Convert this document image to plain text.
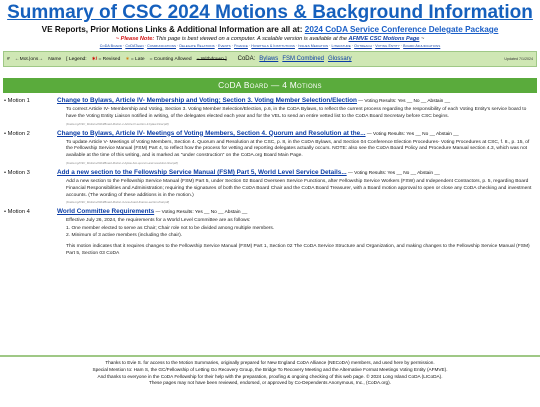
Summary of CSC 2024 Motions & Background Information
VE Reports, Prior Motions Links & Additional Information are all at: 2024 CoDA Service Conference Delegate Package
~ Please Note: This page is best viewed on a computer. A scalable version is available at the AFMVE CSC Motions Page ~
CoDA Board · CoDATeen · Communications · Delegate Relations · Events · Finance · Hospitals & Institutions · Issues Mediation · Literature · Outreach · Voting Entity · Board Adjudications
# ←Mot.|ons→ Name [ Legend: ∗/
= Revised ∗
= Late = Counting Allowed = Withdrawn ] CoDA: Bylaws FSM Combined Glossary	Updated 7/1/2024
CoDA Board — 4 Motions
• Motion 1	Change to Bylaws, Article IV- Membership and Voting; Section 3. Voting Member Selection/Election — Voting Results: Yes __ No __ Abstain __
To correct Article IV- Membership and Voting, Section 3. Voting Member Selection/Election, p.6, in the CoDA Bylaws, to reflect the current process regarding the responsibility of each Voting Entity's service board to have the Voting Entity Liaison notified in writing, of the delegates elected each year and for the VEL to send an entire vetted list to the CoDA Board Secretary before CSC begins.
(fcoda.org/CSC_Motions/2024/Board-Motion-1-Article-IV-section-3-bylaw-Final.pdf)
• Motion 2	Change to Bylaws, Article IV- Meetings of Voting Members, Section 4. Quorum and Resolution at the... — Voting Results: Yes __ No __ Abstain __
To update Article V- Meetings of Voting Members, Section 4. Quorum and Resolution at the CSC, p. 8, in the CoDA Bylaws, and Section 04 Conference Election Procedures- Voting Procedures at CSC, f. 8., p. 15, of the Fellowship Service Manual (FSM) Part 4, to reflect how the process for vetting and reporting delegates actually occurs. NOTE: also see the CoDA Board Policy and Procedure Manual section 4.3, which was not available at the time of this writing, and is marked as "under construction" on the CoDA.org Board Main Page.
(fcoda.org/CSC_Motions/2024/Board-Motion-2-bylaw-fsm-quorum-and-resolution-final.pdf)
• Motion 3	Add a new section to the Fellowship Service Manual (FSM) Part 5, World Level Service Details... — Voting Results: Yes __ No __ Abstain __
Add a new section to the Fellowship Service Manual (FSM) Part 5, under Section 02 Board Overseen Service Functions, after Fellowship Service Workers (FSW) and Independent Contractors, p. 5, regarding Board Financial Responsibilities and Administration; requiring the signatures of both the CoDA Board Chair and the CoDA Board Treasurer, with a Board motion approval to open or close any CoDA checking and investment accounts. (The wording of these additions is in the motion.)
(fcoda.org/CSC_Motions/2024/Board-Motion-3-new-board-finance-section-final.pdf)
• Motion 4	World Committee Requirements — Voting Results: Yes __ No __ Abstain __
Effective July 26, 2024, the requirements for a World Level Committee are as follows:
1. One member elected to serve as Chair; Chair role not to be divided among multiple members.
2. Minimum of 3 active members (including the chair).
This motion indicates that it requires changes to the Fellowship Service Manual (FSM) Part 1, Section 02 The CoDA Service Structure and Organization, and making changes to the Fellowship Service Manual (FSM) Part 5, Section 03 CoDA
Thanks to Evie S. for access to the Motion Summaries, originally prepared for New England CoDA Alliance (NECoDA) members, and used here by permission.
Special Mention to: Ham S, the GC/Fellowship of Letting Go Recovery Group, the Bridge To Recovery Meeting and the Alternative Format Meetings Voting Entity (AFMVE).
And thanks to everyone in the CoDA Fellowship for their help with the preparation, proofing & ongoing checking of this web page. © 2024 Long Island CoDA (LICoDA).
These pages may not have been reviewed, endorsed, or approved by Co-Dependents Anonymous, Inc., (CoDA.org).
